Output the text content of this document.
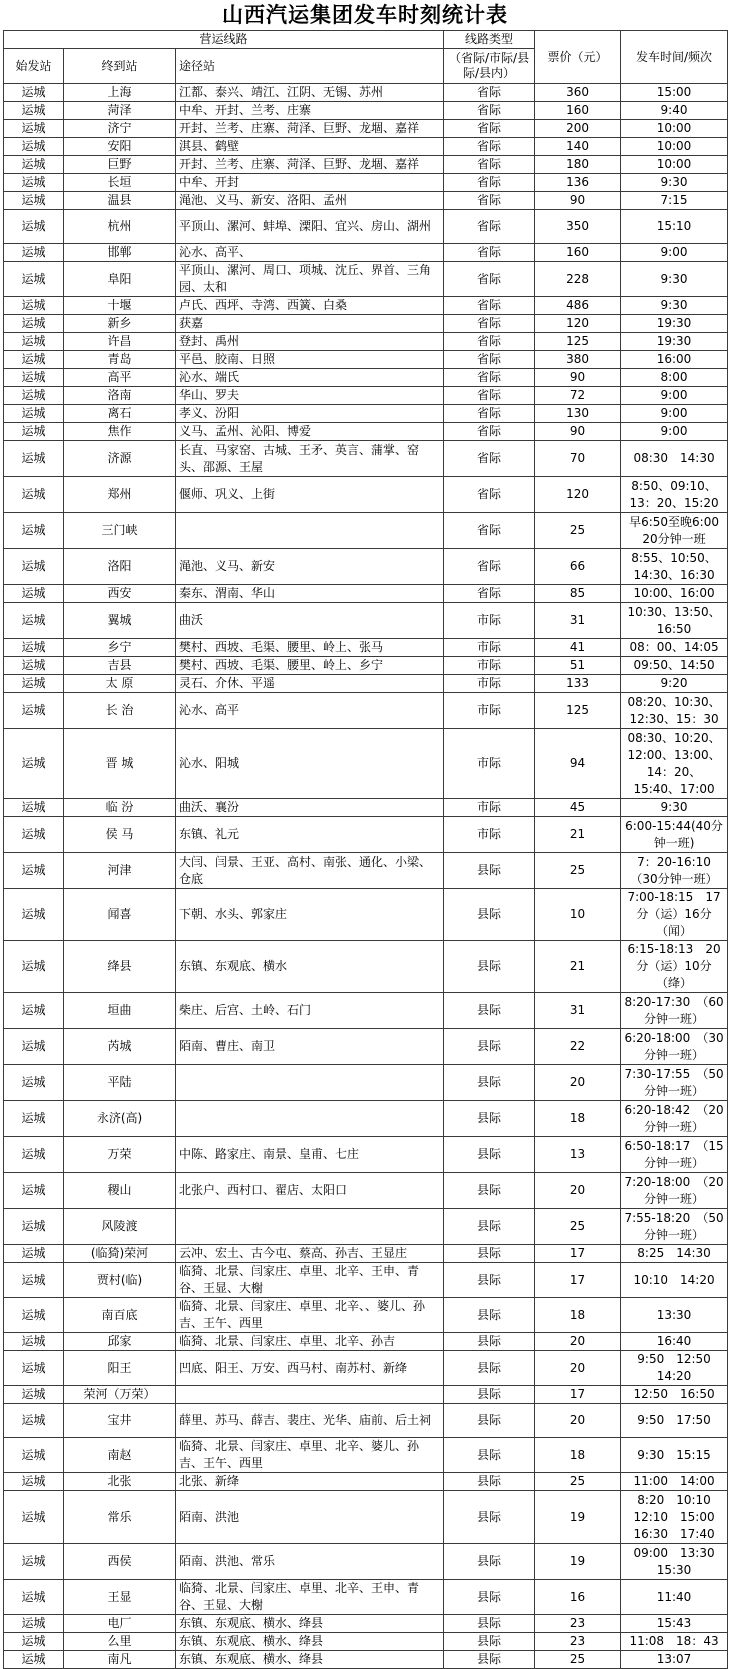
山西汽运集团发车时刻统计表
营运线路			线路类型	票价（元）	发车时间/频次
始发站	终到站	途径站	（省际/市际/县际/县内）		
运城	上海	江都、泰兴、靖江、江阴、无锡、苏州	省际	360	15:00
运城	菏泽	中牟、开封、兰考、庄寨	省际	160	9:40
运城	济宁	开封、兰考、庄寨、菏泽、巨野、龙堌、嘉祥	省际	200	10:00
运城	安阳	淇县、鹤壁	省际	140	10:00
运城	巨野	开封、兰考、庄寨、菏泽、巨野、龙堌、嘉祥	省际	180	10:00
运城	长垣	中牟、开封	省际	136	9:30
运城	温县	渑池、义马、新安、洛阳、孟州	省际	90	7:15
运城	杭州	平顶山、漯河、蚌埠、溧阳、宜兴、房山、湖州	省际	350	15:10
运城	邯郸	沁水、高平、	省际	160	9:00
运城	阜阳	平顶山、漯河、周口、项城、沈丘、界首、三角园、太和	省际	228	9:30
运城	十堰	卢氏、西坪、寺湾、西簧、白桑	省际	486	9:30
运城	新乡	获嘉	省际	120	19:30
运城	许昌	登封、禹州	省际	125	19:30
运城	青岛	平邑、胶南、日照	省际	380	16:00
运城	高平	沁水、端氏	省际	90	8:00
运城	洛南	华山、罗夫	省际	72	9:00
运城	离石	孝义、汾阳	省际	130	9:00
运城	焦作	义马、孟州、沁阳、博爱	省际	90	9:00
运城	济源	长直、马家窑、古城、王矛、英言、蒲掌、窑头、邵源、王屋	省际	70	08:30　14:30
运城	郑州	偃师、巩义、上街	省际	120	8:50、09:10、13：20、15:20
运城	三门峡		省际	25	早6:50至晚6:00 20分钟一班
运城	洛阳	渑池、义马、新安	省际	66	8:55、10:50、14:30、16:30
运城	西安	秦东、渭南、华山	省际	85	10:00、16:00
运城	翼城	曲沃	市际	31	10:30、13:50、16:50
运城	乡宁	樊村、西坡、毛渠、腰里、岭上、张马	市际	41	08：00、14:05
运城	吉县	樊村、西坡、毛渠、腰里、岭上、乡宁	市际	51	09:50、14:50
运城	太 原	灵石、介休、平遥	市际	133	9:20
运城	长 治	沁水、高平	市际	125	08:20、10:30、12:30、15：30
运城	晋 城	沁水、阳城	市际	94	08:30、10:20、12:00、13:00、14：20、15:40、17:00
运城	临 汾	曲沃、襄汾	市际	45	9:30
运城	侯 马	东镇、礼元	市际	21	6:00-15:44(40分钟一班)
运城	河津	大闫、闫景、王亚、高村、南张、通化、小梁、仓底	县际	25	7：20-16:10（30分钟一班）
运城	闻喜	下朝、水头、郭家庄	县际	10	7:00-18:15　17分（运）16分（闻）
运城	绛县	东镇、东观底、横水	县际	21	6:15-18:13　20分（运）10分（绛）
运城	垣曲	柴庄、后宫、土岭、石门	县际	31	8:20-17:30　（60分钟一班）
运城	芮城	陌南、曹庄、南卫	县际	22	6:20-18:00　（30分钟一班）
运城	平陆		县际	20	7:30-17:55　（50分钟一班）
运城	永济(高)		县际	18	6:20-18:42　（20分钟一班）
运城	万荣	中陈、路家庄、南景、皇甫、七庄	县际	13	6:50-18:17　（15分钟一班）
运城	稷山	北张户、西村口、翟店、太阳口	县际	20	7:20-18:00　（20分钟一班）
运城	风陵渡		县际	25	7:55-18:20　（50分钟一班）
运城	(临猗)荣河	云冲、宏土、古今屯、蔡高、孙吉、王显庄	县际	17	8:25　14:30
运城	贾村(临)	临猗、北景、闫家庄、卓里、北辛、王申、青谷、王显、大榭	县际	17	10:10　14:20
运城	南百底	临猗、北景、闫家庄、卓里、北辛、、婆儿、孙吉、王午、西里	县际	18	13:30
运城	邱家	临猗、北景、闫家庄、卓里、北辛、孙吉	县际	20	16:40
运城	阳王	凹底、阳王、万安、西马村、南苏村、新绛	县际	20	9:50　12:50　14:20
运城	荣河（万荣）		县际	17	12:50　16:50
运城	宝井	薛里、苏马、薛吉、裴庄、光华、庙前、后土祠	县际	20	9:50　17:50
运城	南赵	临猗、北景、闫家庄、卓里、北辛、婆儿、孙吉、王午、西里	县际	18	9:30　15:15
运城	北张	北张、新绛	县际	25	11:00　14:00
运城	常乐	陌南、洪池	县际	19	8:20　10:10　12:10　15:00　16:30　17:40
运城	西侯	陌南、洪池、常乐	县际	19	09:00　13:30　15:30
运城	王显	临猗、北景、闫家庄、卓里、北辛、王申、青谷、王显、大榭	县际	16	11:40
运城	电厂	东镇、东观底、横水、绛县	县际	23	15:43
运城	么里	东镇、东观底、横水、绛县	县际	23	11:08　18：43
运城	南凡	东镇、东观底、横水、绛县	县际	25	13:07
